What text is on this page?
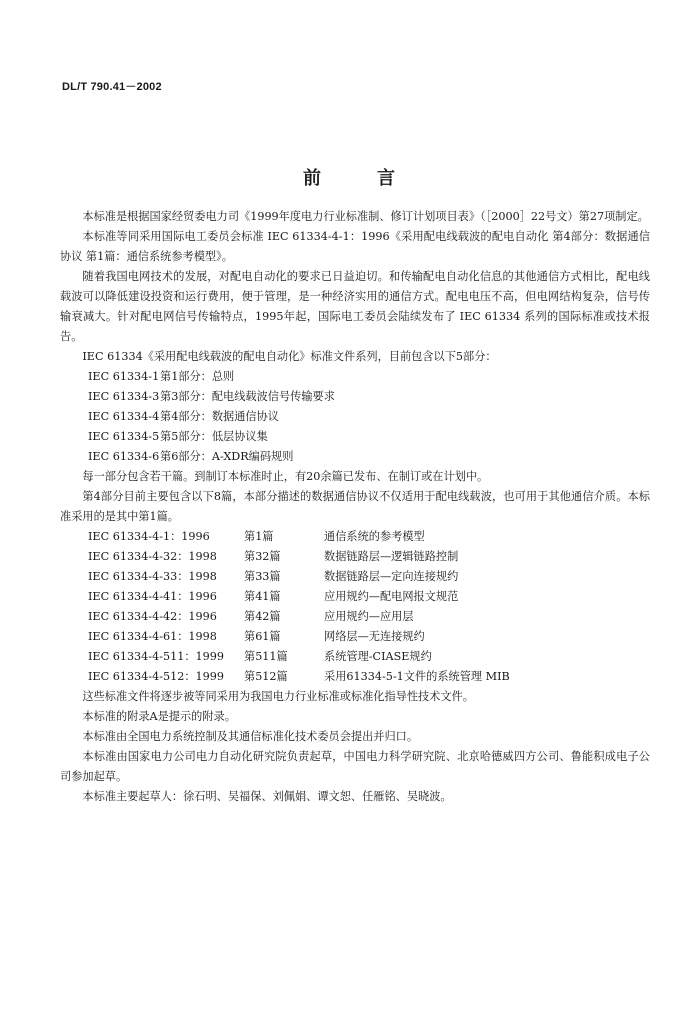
DL/T 790.41－2002
前	言

本标准是根据国家经贸委电力司《1999年度电力行业标准制、修订计划项目表》（［2000］22号文）第27项制定。

本标准等同采用国际电工委员会标准 IEC 61334-4-1：1996《采用配电线载波的配电自动化 第4部分：数据通信协议 第1篇：通信系统参考模型》。

随着我国电网技术的发展，对配电自动化的要求已日益迫切。和传输配电自动化信息的其他通信方式相比，配电线载波可以降低建设投资和运行费用，便于管理，是一种经济实用的通信方式。配电电压不高，但电网结构复杂，信号传输衰减大。针对配电网信号传输特点，1995年起，国际电工委员会陆续发布了 IEC 61334 系列的国际标准或技术报告。

IEC 61334《采用配电线载波的配电自动化》标准文件系列，目前包含以下5部分：

IEC 61334-1第1部分：总则

IEC 61334-3第3部分：配电线载波信号传输要求

IEC 61334-4第4部分：数据通信协议

IEC 61334-5第5部分：低层协议集

IEC 61334-6第6部分：A-XDR编码规则

每一部分包含若干篇。到制订本标准时止，有20余篇已发布、在制订或在计划中。

第4部分目前主要包含以下8篇，本部分描述的数据通信协议不仅适用于配电线载波，也可用于其他通信介质。本标准采用的是其中第1篇。

IEC 61334-4-1：1996	第1篇	通信系统的参考模型

IEC 61334-4-32：1998 第32篇	数据链路层—逻辑链路控制

IEC 61334-4-33：1998 第33篇	数据链路层—定向连接规约

IEC 61334-4-41：1996 第41篇	应用规约—配电网报文规范

IEC 61334-4-42：1996 第42篇	应用规约—应用层

IEC 61334-4-61：1998 第61篇	网络层—无连接规约

IEC 61334-4-511：1999 第511篇	系统管理-CIASE规约

IEC 61334-4-512：1999 第512篇	采用61334-5-1文件的系统管理 MIB

这些标准文件将逐步被等同采用为我国电力行业标准或标准化指导性技术文件。

本标准的附录A是提示的附录。

本标准由全国电力系统控制及其通信标准化技术委员会提出并归口。

本标准由国家电力公司电力自动化研究院负责起草，中国电力科学研究院、北京哈德威四方公司、鲁能积成电子公司参加起草。

本标准主要起草人：徐石明、吴福保、刘佩娟、谭文恕、任雁铭、吴晓波。
